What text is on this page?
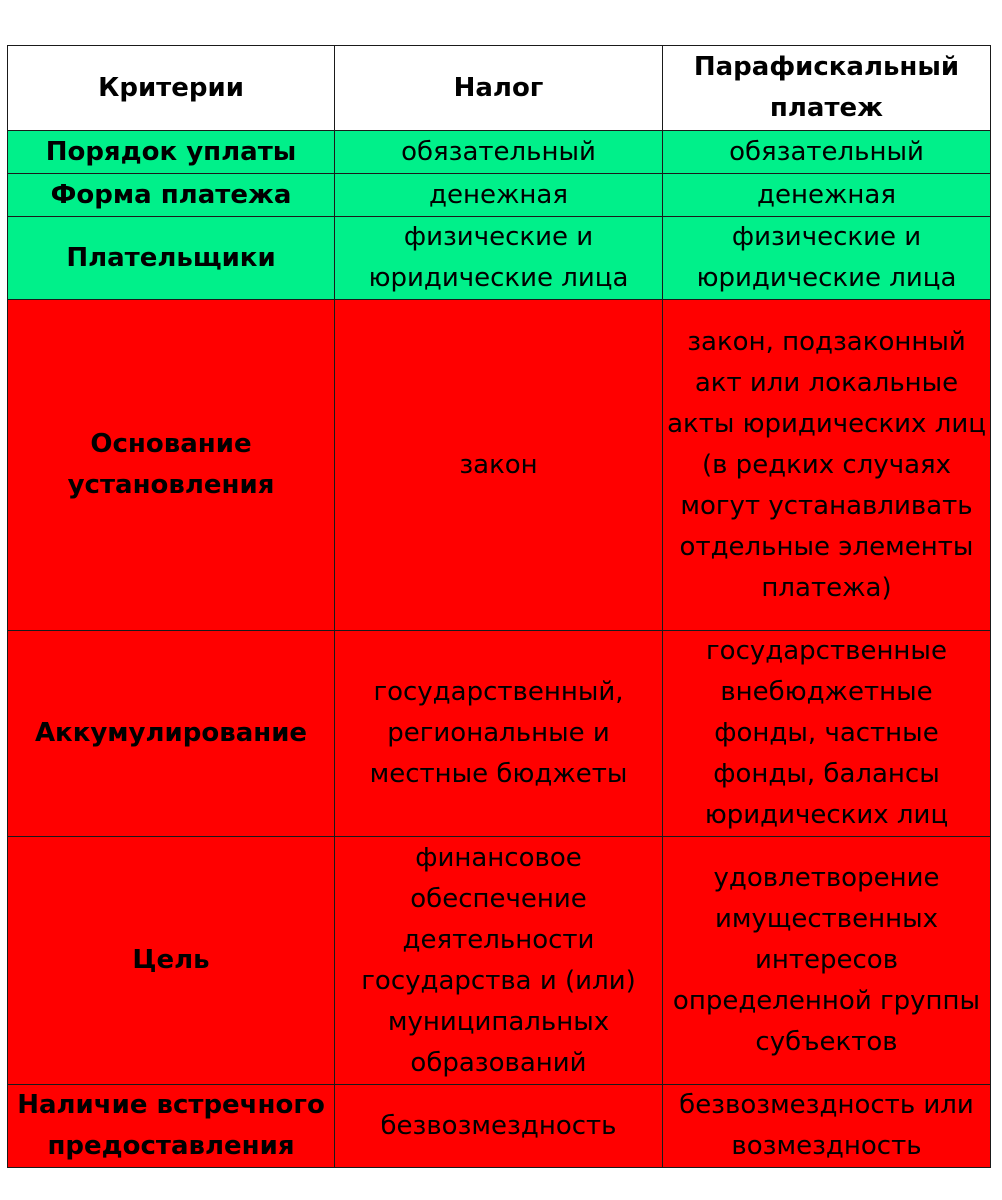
Критерии	Налог	Парафискальный платеж
Порядок уплаты	обязательный	обязательный
Форма платежа	денежная	денежная
Плательщики	физические и юридические лица	физические и юридические лица
Основание установления	закон	закон, подзаконный акт или локальные акты юридических лиц (в редких случаях могут устанавливать отдельные элементы платежа)
Аккумулирование	государственный, региональные и местные бюджеты	государственные внебюджетные фонды, частные фонды, балансы юридических лиц
Цель	финансовое обеспечение деятельности государства и (или) муниципальных образований	удовлетворение имущественных интересов определенной группы субъектов
Наличие встречного предоставления	безвозмездность	безвозмездность или возмездность
